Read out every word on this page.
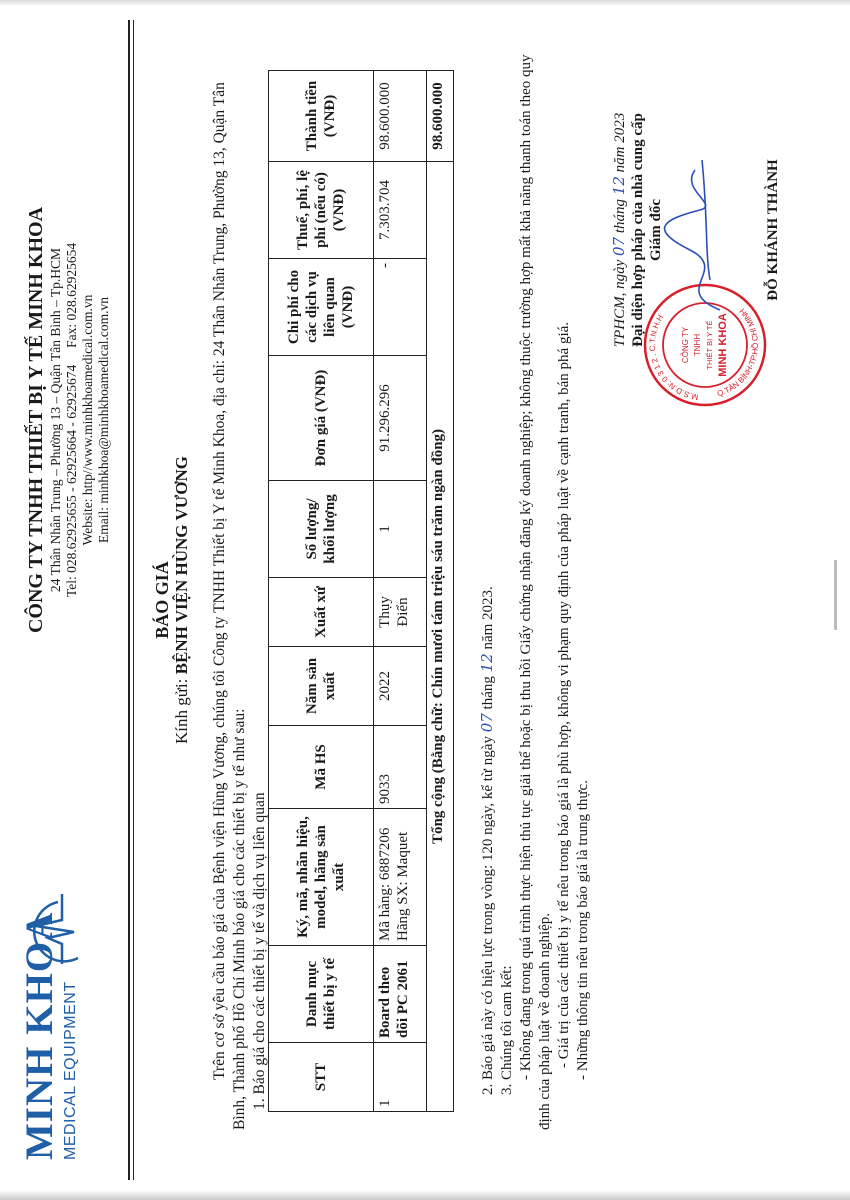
MINH KHOA MEDICAL EQUIPMENT
CÔNG TY TNHH THIẾT BỊ Y TẾ MINH KHOA 24 Thân Nhân Trung – Phường 13 – Quận Tân Bình – Tp.HCM Tel: 028.62925655 - 62925664 - 62925674     Fax: 028.62925654 Website: http//www.minhkhoamedical.com.vn Email: minhkhoa@minhkhoamedical.com.vn
BÁO GIÁ
Kính gửi: BỆNH VIỆN HÙNG VƯƠNG Trên cơ sở yêu cầu báo giá của Bệnh viện Hùng Vương, chúng tôi Công ty TNHH Thiết bị Y tế Minh Khoa, địa chỉ: 24 Thân Nhân Trung, Phường 13, Quận Tân Bình, Thành phố Hồ Chí Minh báo giá cho các thiết bị y tế như sau: 1. Báo giá cho các thiết bị y tế và dịch vụ liên quan	STT	Danh mục thiết bị y tế	Ký, mã, nhãn hiệu, model, hãng sản xuất	Mã HS	Năm sản xuất	Xuất xứ	Số lượng/ khối lượng	Đơn giá (VNĐ)	Chi phí cho các dịch vụ liên quan (VNĐ)	Thuế, phí, lệ phí (nếu có) (VNĐ)	Thành tiền (VNĐ)
1	Board theo dõi PC 2061	Mã hàng: 6887206 Hãng SX: Maquet	9033	2022	Thụy Điển	1	91.296.296	-	7.303.704	98.600.000
Tổng cộng (Bằng chữ: Chín mươi tám triệu sáu trăm ngàn đồng)										98.600.000
2. Báo giá này có hiệu lực trong vòng: 120 ngày, kể từ ngày 07 tháng 12 năm 2023.
3. Chúng tôi cam kết: - Không đang trong quá trình thực hiện thủ tục giải thể hoặc bị thu hồi Giấy chứng nhận đăng ký doanh nghiệp; không thuộc trường hợp mất khả năng thanh toán theo quy định của pháp luật về doanh nghiệp. - Giá trị của các thiết bị y tế nêu trong báo giá là phù hợp, không vi phạm quy định của pháp luật về cạnh tranh, bán phá giá. - Những thông tin nêu trong báo giá là trung thực.
M.S.D.N: 0 3 1 2 . C.T.N.H.H
Q.TÂN BÌNH-TP.HỒ CHÍ MINH
CÔNG TY TNHH THIẾT BỊ Y TẾ MINH KHOA
TPHCM, ngày 07 tháng 12 năm 2023 Đại diện hợp pháp của nhà cung cấp Giám đốc	ĐỖ KHÁNH THÀNH
